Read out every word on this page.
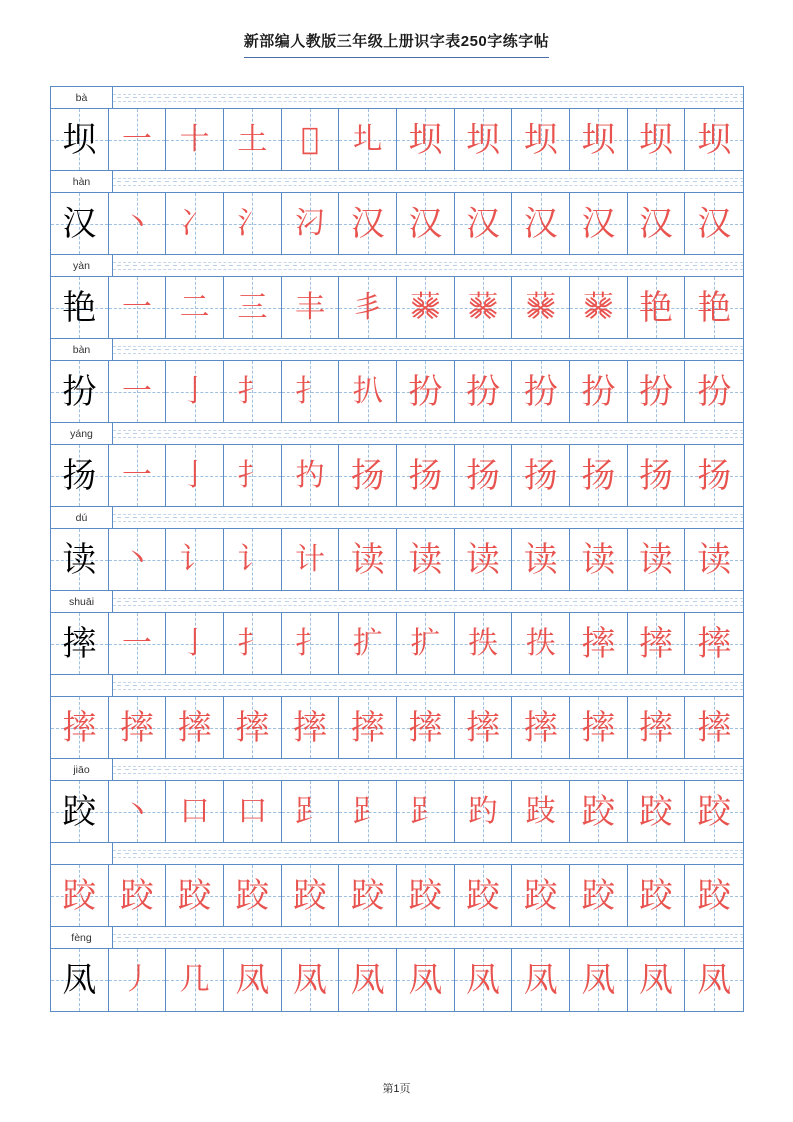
新部编人教版三年级上册识字表250字练字帖
bà
坝 一 十 土 𠀆 圠 坝 坝 坝 坝 坝 坝
hàn
汉 丶 冫 氵 汈 汉 汉 汉 汉 汉 汉 汉
yàn
艳 一 二 三 丰 丯 𦮙 𦮙 𦮙 𦮙 艳 艳
bàn
扮 一 亅 扌 扌 扒 扮 扮 扮 扮 扮 扮
yáng
扬 一 亅 扌 扚 扬 扬 扬 扬 扬 扬 扬
dú
读 丶 讠 讠 计 读 读 读 读 读 读 读
shuāi
摔 一 亅 扌 扌 扩 扩 抶 抶 摔 摔 摔
摔 摔 摔 摔 摔 摔 摔 摔 摔 摔 摔 摔
jiāo
跤 丶 口 口 𧾷 𧾷 𧾷 趵 跂 跤 跤 跤
跤 跤 跤 跤 跤 跤 跤 跤 跤 跤 跤 跤
fèng
凤 丿 几 凤 凤 凤 凤 凤 凤 凤 凤 凤
第1页
